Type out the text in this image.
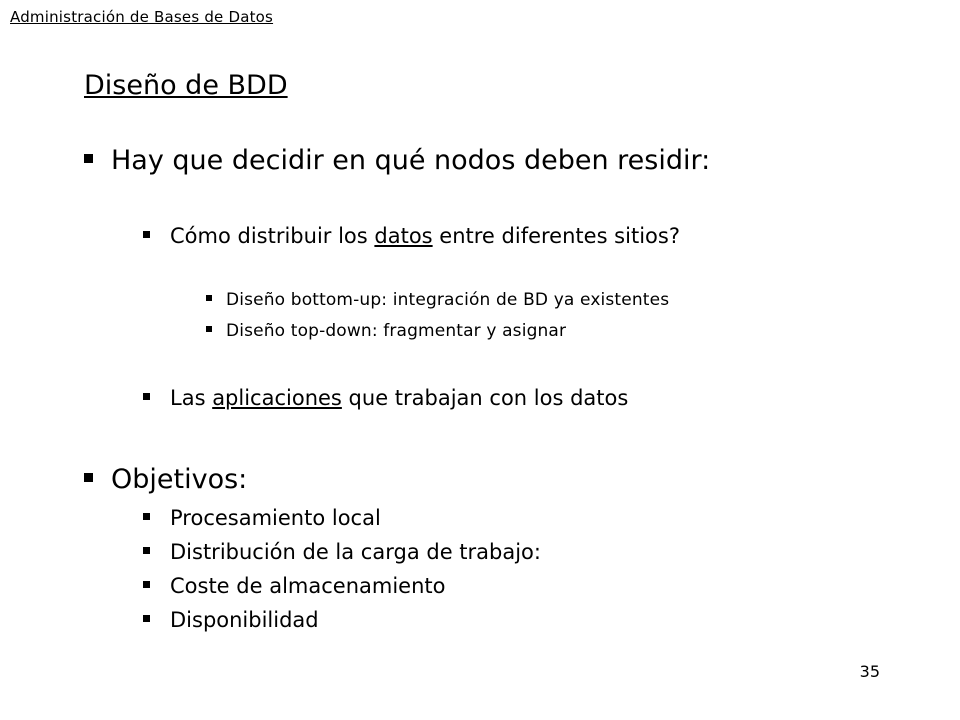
Administración de Bases de Datos
Diseño de BDD
Hay que decidir en qué nodos deben residir:
Cómo distribuir los datos entre diferentes sitios?
Diseño bottom-up: integración de BD ya existentes
Diseño top-down: fragmentar y asignar
Las aplicaciones que trabajan con los datos
Objetivos:
Procesamiento local
Distribución de la carga de trabajo:
Coste de almacenamiento
Disponibilidad
35
